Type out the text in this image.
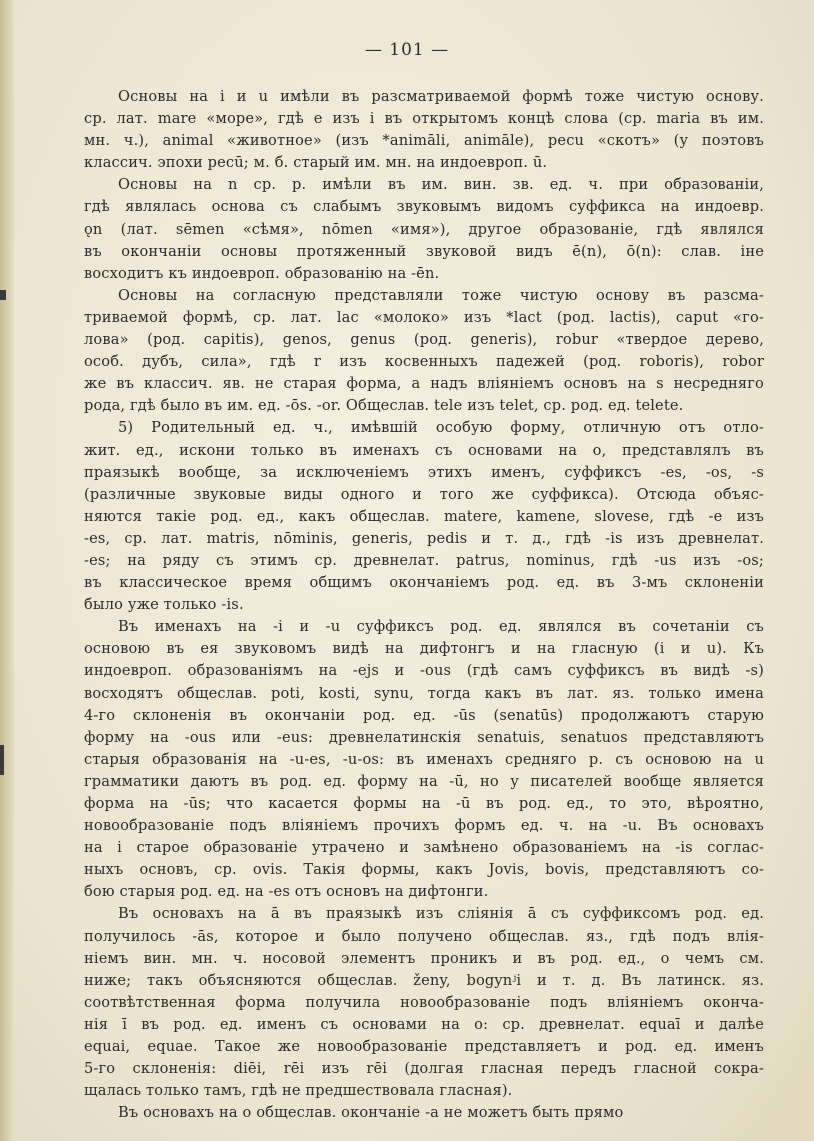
— 101 —

Основы на i и u имѣли въ разсматриваемой формѣ тоже чистую основу.

ср. лат. mare «море», гдѣ e изъ i въ открытомъ концѣ слова (ср. maria въ им.

мн. ч.), animal «животное» (изъ *animāli, animāle), peсu «скотъ» (у поэтовъ

классич. эпохи pecū; м. б. старый им. мн. на индоевроп. ū.

Основы на n ср. р. имѣли въ им. вин. зв. ед. ч. при образованіи,

гдѣ являлась основа съ слабымъ звуковымъ видомъ суффикса на индоевр.

ǫn (лат. sēmen «сѣмя», nōmen «имя»), другое образованіе, гдѣ являлся

въ окончаніи основы протяженный звуковой видъ ē(n), ō(n): слав. іне

восходитъ къ индоевроп. образованію на -ēn.

Основы на согласную представляли тоже чистую основу въ разсма-

триваемой формѣ, ср. лат. lac «молоко» изъ *lact (род. lactis), caput «го-

лова» (род. capitis), genos, genus (род. generis), robur «твердое дерево,

особ. дубъ, сила», гдѣ r изъ косвенныхъ падежей (род. roboris), robor

же въ классич. яв. не старая форма, а надъ вліяніемъ основъ на s несредняго

рода, гдѣ было въ им. ед. -ōs. -or. Общеслав. tele изъ telet, ср. род. ед. telete.

5) Родительный ед. ч., имѣвшій особую форму, отличную отъ отло-

жит. ед., искони только въ именахъ съ основами на o, представлялъ въ

праязыкѣ вообще, за исключеніемъ этихъ именъ, суффиксъ -es, -os, -s

(различные звуковые виды одного и того же суффикса). Отсюда объяс-

няются такіе род. ед., какъ общеслав. matere, kamene, slovese, гдѣ -e изъ

-es, ср. лат. matris, nōminis, generis, pedis и т. д., гдѣ -is изъ древнелат.

-es; на ряду съ этимъ ср. древнелат. patrus, nominus, гдѣ -us изъ -os;

въ классическое время общимъ окончаніемъ род. ед. въ 3-мъ склоненіи

было уже только -is.

Въ именахъ на -i и -u суффиксъ род. ед. являлся въ сочетаніи съ

основою въ ея звуковомъ видѣ на дифтонгъ и на гласную (i и u). Къ

индоевроп. образованіямъ на -ejs и -ous (гдѣ самъ суффиксъ въ видѣ -s)

восходятъ общеслав. poti, kosti, synu, тогда какъ въ лат. яз. только имена

4-го склоненія въ окончаніи род. ед. -ūs (senatūs) продолжаютъ старую

форму на -ous или -eus: древнелатинскія senatuis, senatuos представляютъ

старыя образованія на -u-es, -u-os: въ именахъ средняго р. съ основою на u

грамматики даютъ въ род. ед. форму на -ū, но у писателей вообще является

форма на -ūs; что касается формы на -ū въ род. ед., то это, вѣроятно,

новообразованіе подъ вліяніемъ прочихъ формъ ед. ч. на -u. Въ основахъ

на i старое образованіе утрачено и замѣнено образованіемъ на -is соглас-

ныхъ основъ, ср. ovis. Такія формы, какъ Jovis, bovis, представляютъ со-

бою старыя род. ед. на -es отъ основъ на дифтонги.

Въ основахъ на ā въ праязыкѣ изъ сліянія ā съ суффиксомъ род. ед.

получилось -ās, которое и было получено общеслав. яз., гдѣ подъ влія-

ніемъ вин. мн. ч. носовой элементъ проникъ и въ род. ед., о чемъ см.

ниже; такъ объясняются общеслав. ženy, bogynʲi и т. д. Въ латинск. яз.

соотвѣтственная форма получила новообразованіе подъ вліяніемъ оконча-

нія ī въ род. ед. именъ съ основами на o: ср. древнелат. equaī и далѣе

equai, equae. Такое же новообразованіе представляетъ и род. ед. именъ

5-го склоненія: diēi, rēi изъ rēi (долгая гласная передъ гласной сокра-

щалась только тамъ, гдѣ не предшествовала гласная).

Въ основахъ на o общеслав. окончаніе -a не можетъ быть прямо
